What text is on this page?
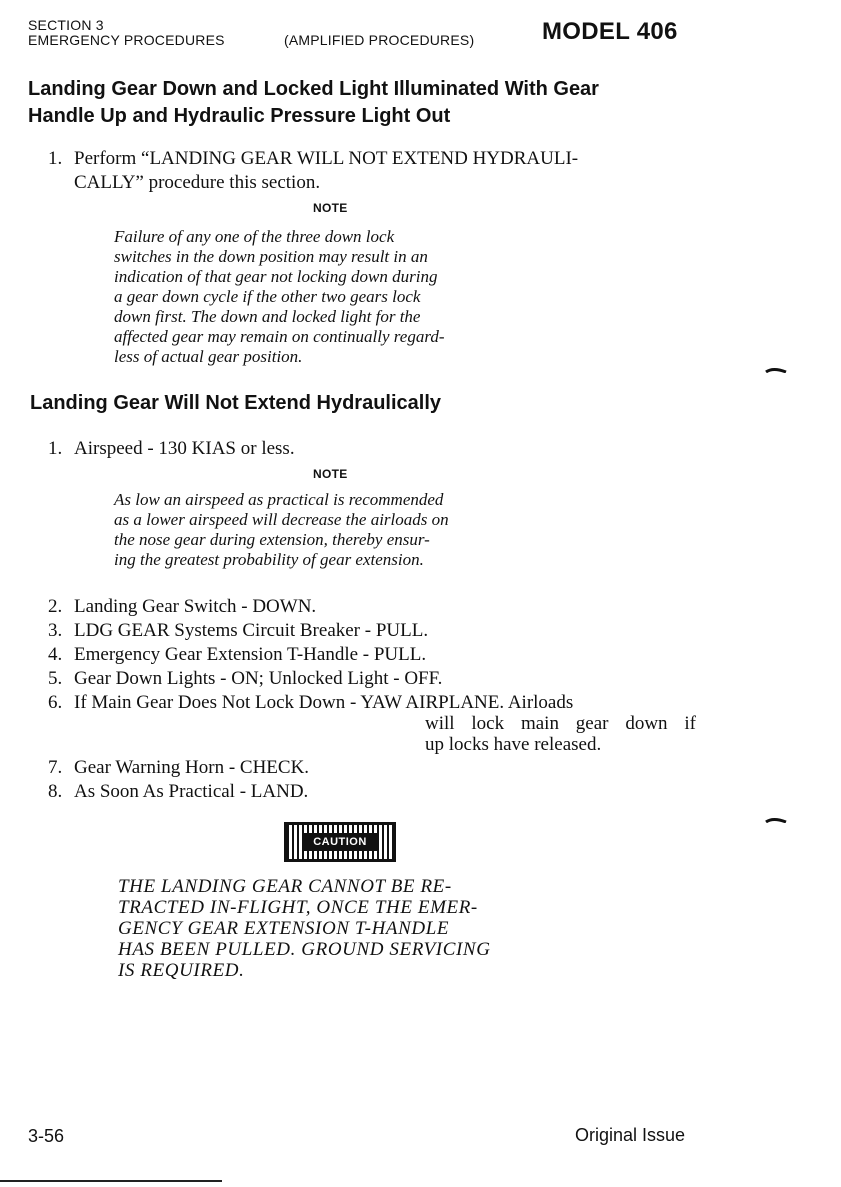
SECTION 3
EMERGENCY PROCEDURES	(AMPLIFIED PROCEDURES)	MODEL 406
Landing Gear Down and Locked Light Illuminated With Gear
Handle Up and Hydraulic Pressure Light Out
1. Perform “LANDING GEAR WILL NOT EXTEND HYDRAULI-
CALLY” procedure this section.
NOTE
Failure of any one of the three down lock
switches in the down position may result in an
indication of that gear not locking down during
a gear down cycle if the other two gears lock
down first. The down and locked light for the
affected gear may remain on continually regard-
less of actual gear position.
Landing Gear Will Not Extend Hydraulically
1. Airspeed - 130 KIAS or less.
NOTE
As low an airspeed as practical is recommended
as a lower airspeed will decrease the airloads on
the nose gear during extension, thereby ensur-
ing the greatest probability of gear extension.
2. Landing Gear Switch - DOWN.
3. LDG GEAR Systems Circuit Breaker - PULL.
4. Emergency Gear Extension T-Handle - PULL.
5. Gear Down Lights - ON; Unlocked Light - OFF.
6. If Main Gear Does Not Lock Down - YAW AIRPLANE. Airloads
will lock main gear down if
up locks have released.
7. Gear Warning Horn - CHECK.
8. As Soon As Practical - LAND.
CAUTION
THE LANDING GEAR CANNOT BE RE-
TRACTED IN-FLIGHT, ONCE THE EMER-
GENCY GEAR EXTENSION T-HANDLE
HAS BEEN PULLED. GROUND SERVICING
IS REQUIRED.
3-56	Original Issue
